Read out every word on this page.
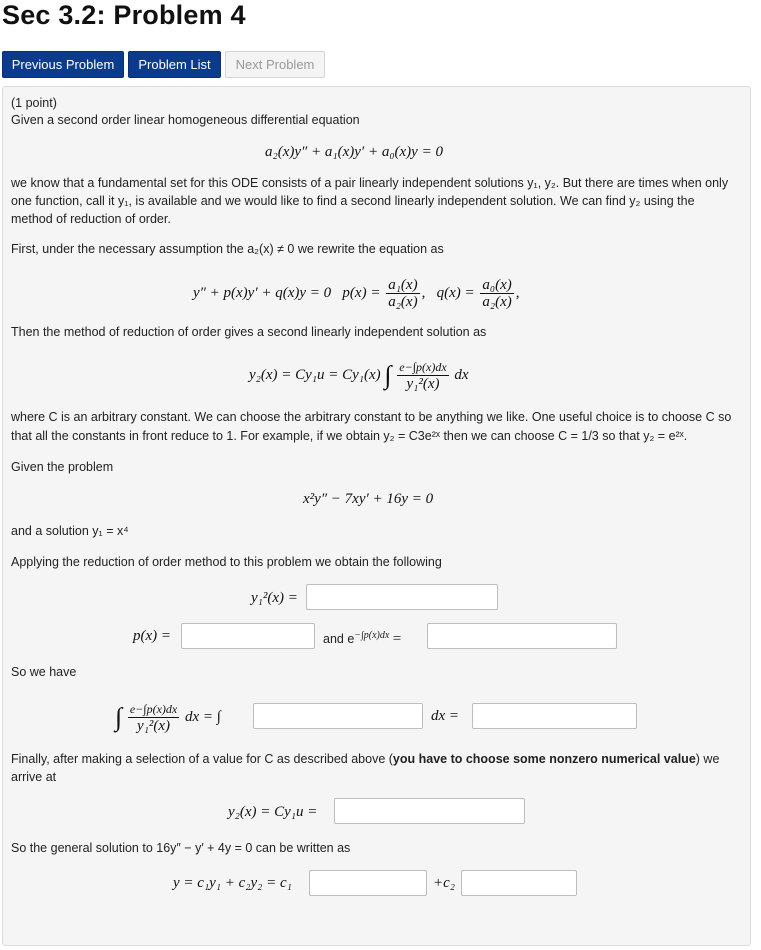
Sec 3.2: Problem 4
Previous Problem	Problem List	Next Problem
(1 point)
Given a second order linear homogeneous differential equation
a₂(x)y″ + a₁(x)y′ + a₀(x)y = 0
we know that a fundamental set for this ODE consists of a pair linearly independent solutions y₁, y₂. But there are times when only
one function, call it y₁, is available and we would like to find a second linearly independent solution. We can find y₂ using the
method of reduction of order.
First, under the necessary assumption the a₂(x) ≠ 0 we rewrite the equation as
y″ + p(x)y′ + q(x)y = 0 $p(x) = \frac{\text{a₁(x)}}{\text{a₂(x)}}$ ,   $q(x) = \frac{\text{a₀(x)}}{\text{a₂(x)}}$ ,
Then the method of reduction of order gives a second linearly independent solution as
y₂(x) = Cy₁u = Cy₁(x) ∫ $\frac{e-\int p(x)dx}{\text{y₁²(x)}}$ dx
where C is an arbitrary constant. We can choose the arbitrary constant to be anything we like. One useful choice is to choose C so
that all the constants in front reduce to 1. For example, if we obtain y₂ = C3e²ˣ then we can choose C = 1/3 so that y₂ = e²ˣ.
Given the problem
x²y″ − 7xy′ + 16y = 0
and a solution y₁ = x⁴
Applying the reduction of order method to this problem we obtain the following
y₁²(x) =
p(x) =	and $e^{-\int p(x)dx}$ =
So we have
∫ $\frac{e-\int p(x)dx}{\text{y₁²(x)}}$ dx = ∫	dx =
Finally, after making a selection of a value for C as described above (you have to choose some nonzero numerical value) we
arrive at
y₂(x) = Cy₁u =
So the general solution to 16y″ − y′ + 4y = 0 can be written as
y = c₁y₁ + c₂y₂ = c₁	+c₂
